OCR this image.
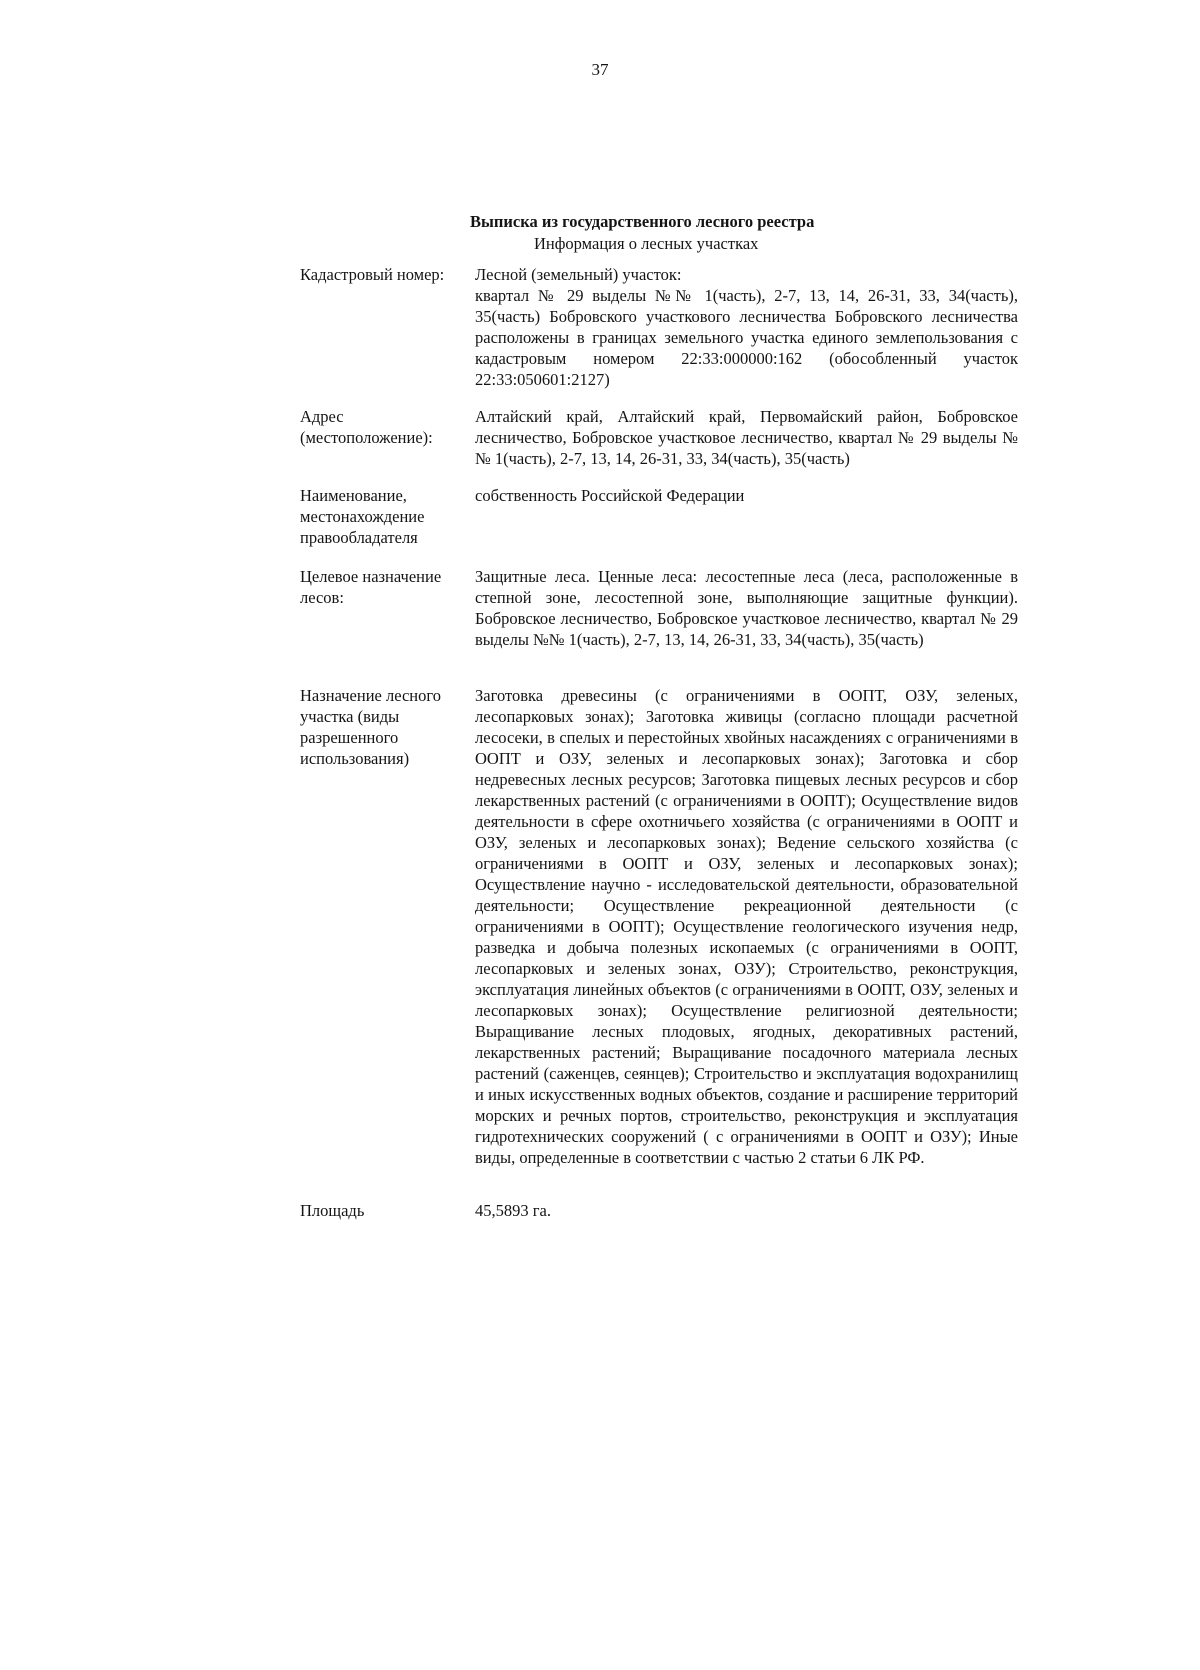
37
Выписка из государственного лесного реестра
Информация о лесных участках
Кадастровый номер:	Лесной (земельный) участок:
квартал № 29 выделы №№ 1(часть), 2-7, 13, 14, 26-31, 33, 34(часть), 35(часть) Бобровского участкового лесничества Бобровского лесничества расположены в границах земельного участка единого землепользования с кадастровым номером 22:33:000000:162 (обособленный участок 22:33:050601:2127)
Адрес (местоположение):
Алтайский край, Алтайский край, Первомайский район, Бобровское лесничество, Бобровское участковое лесничество, квартал № 29 выделы №№ 1(часть), 2-7, 13, 14, 26-31, 33, 34(часть), 35(часть)
Наименование, местонахождение правообладателя
собственность Российской Федерации
Целевое назначение лесов:
Защитные леса. Ценные леса: лесостепные леса (леса, расположенные в степной зоне, лесостепной зоне, выполняющие защитные функции). Бобровское лесничество, Бобровское участковое лесничество, квартал № 29 выделы №№ 1(часть), 2-7, 13, 14, 26-31, 33, 34(часть), 35(часть)
Назначение лесного участка (виды разрешенного использования)
Заготовка древесины (с ограничениями в ООПТ, ОЗУ, зеленых, лесопарковых зонах); Заготовка живицы (согласно площади расчетной лесосеки, в спелых и перестойных хвойных насаждениях с ограничениями в ООПТ и ОЗУ, зеленых и лесопарковых зонах); Заготовка и сбор недревесных лесных ресурсов; Заготовка пищевых лесных ресурсов и сбор лекарственных растений (с ограничениями в ООПТ); Осуществление видов деятельности в сфере охотничьего хозяйства (с ограничениями в ООПТ и ОЗУ, зеленых и лесопарковых зонах); Ведение сельского хозяйства (с ограничениями в ООПТ и ОЗУ, зеленых и лесопарковых зонах); Осуществление научно - исследовательской деятельности, образовательной деятельности; Осуществление рекреационной деятельности (с ограничениями в ООПТ); Осуществление геологического изучения недр, разведка и добыча полезных ископаемых (с ограничениями в ООПТ, лесопарковых и зеленых зонах, ОЗУ); Строительство, реконструкция, эксплуатация линейных объектов (с ограничениями в ООПТ, ОЗУ, зеленых и лесопарковых зонах); Осуществление религиозной деятельности; Выращивание лесных плодовых, ягодных, декоративных растений, лекарственных растений; Выращивание посадочного материала лесных растений (саженцев, сеянцев); Строительство и эксплуатация водохранилищ и иных искусственных водных объектов, создание и расширение территорий морских и речных портов, строительство, реконструкция и эксплуатация гидротехнических сооружений ( с ограничениями в ООПТ и ОЗУ); Иные виды, определенные в соответствии с частью 2 статьи 6 ЛК РФ.
Площадь	45,5893 га.
